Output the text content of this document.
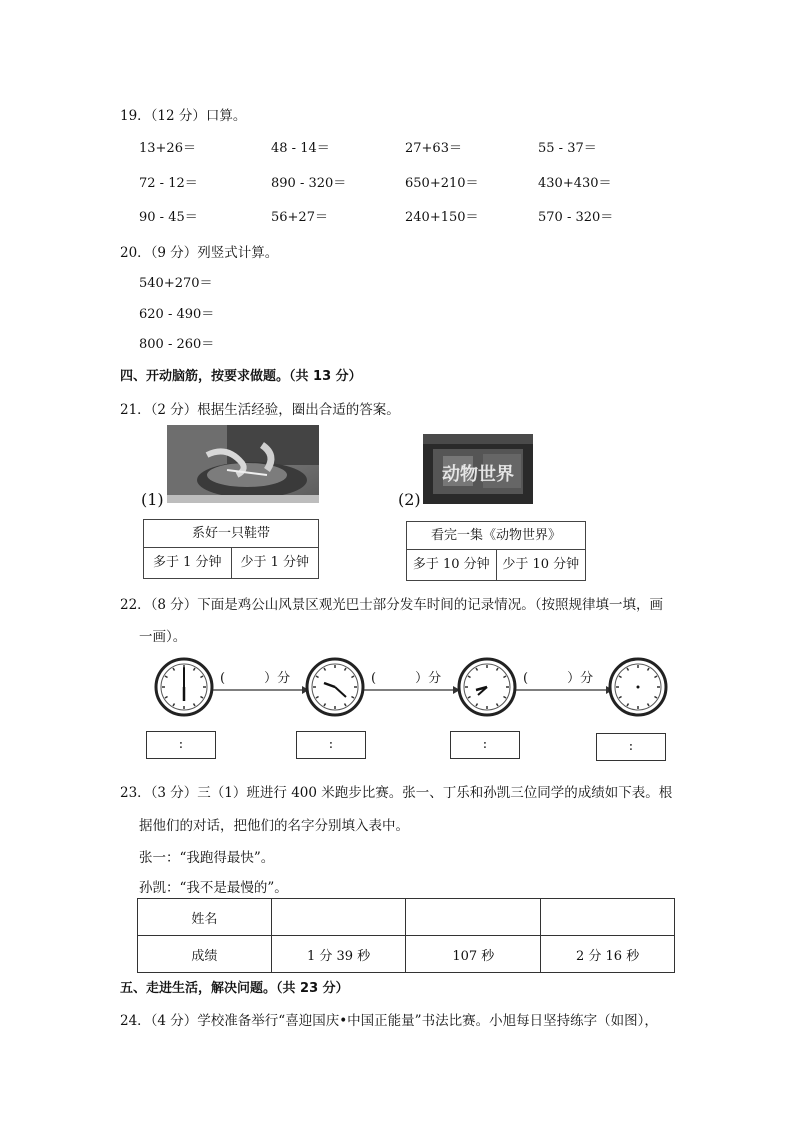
19．（12 分）口算。
13+26＝	48 - 14＝	27+63＝	55 - 37＝
72 - 12＝	890 - 320＝	650+210＝	430+430＝
90 - 45＝	56+27＝	240+150＝	570 - 320＝
20．（9 分）列竖式计算。
540+270＝
620 - 490＝
800 - 260＝
四、开动脑筋，按要求做题。（共 13 分）
21．（2 分）根据生活经验，圈出合适的答案。
(1)
系好一只鞋带
多于 1 分钟	少于 1 分钟
(2)
动物世界
看完一集《动物世界》
多于 10 分钟 少于 10 分钟
22．（8 分）下面是鸡公山风景区观光巴士部分发车时间的记录情况。（按照规律填一填，画
一画）。
(　　　）分	(　　　）分	(　　　）分
:	:	:	:
23．（3 分）三（1）班进行 400 米跑步比赛。张一、丁乐和孙凯三位同学的成绩如下表。根
据他们的对话，把他们的名字分别填入表中。
张一：“我跑得最快”。
孙凯：“我不是最慢的”。
姓名			
成绩	1 分 39 秒	107 秒	2 分 16 秒
五、走进生活，解决问题。（共 23 分）
24．（4 分）学校准备举行“喜迎国庆•中国正能量”书法比赛。小旭每日坚持练字（如图），
